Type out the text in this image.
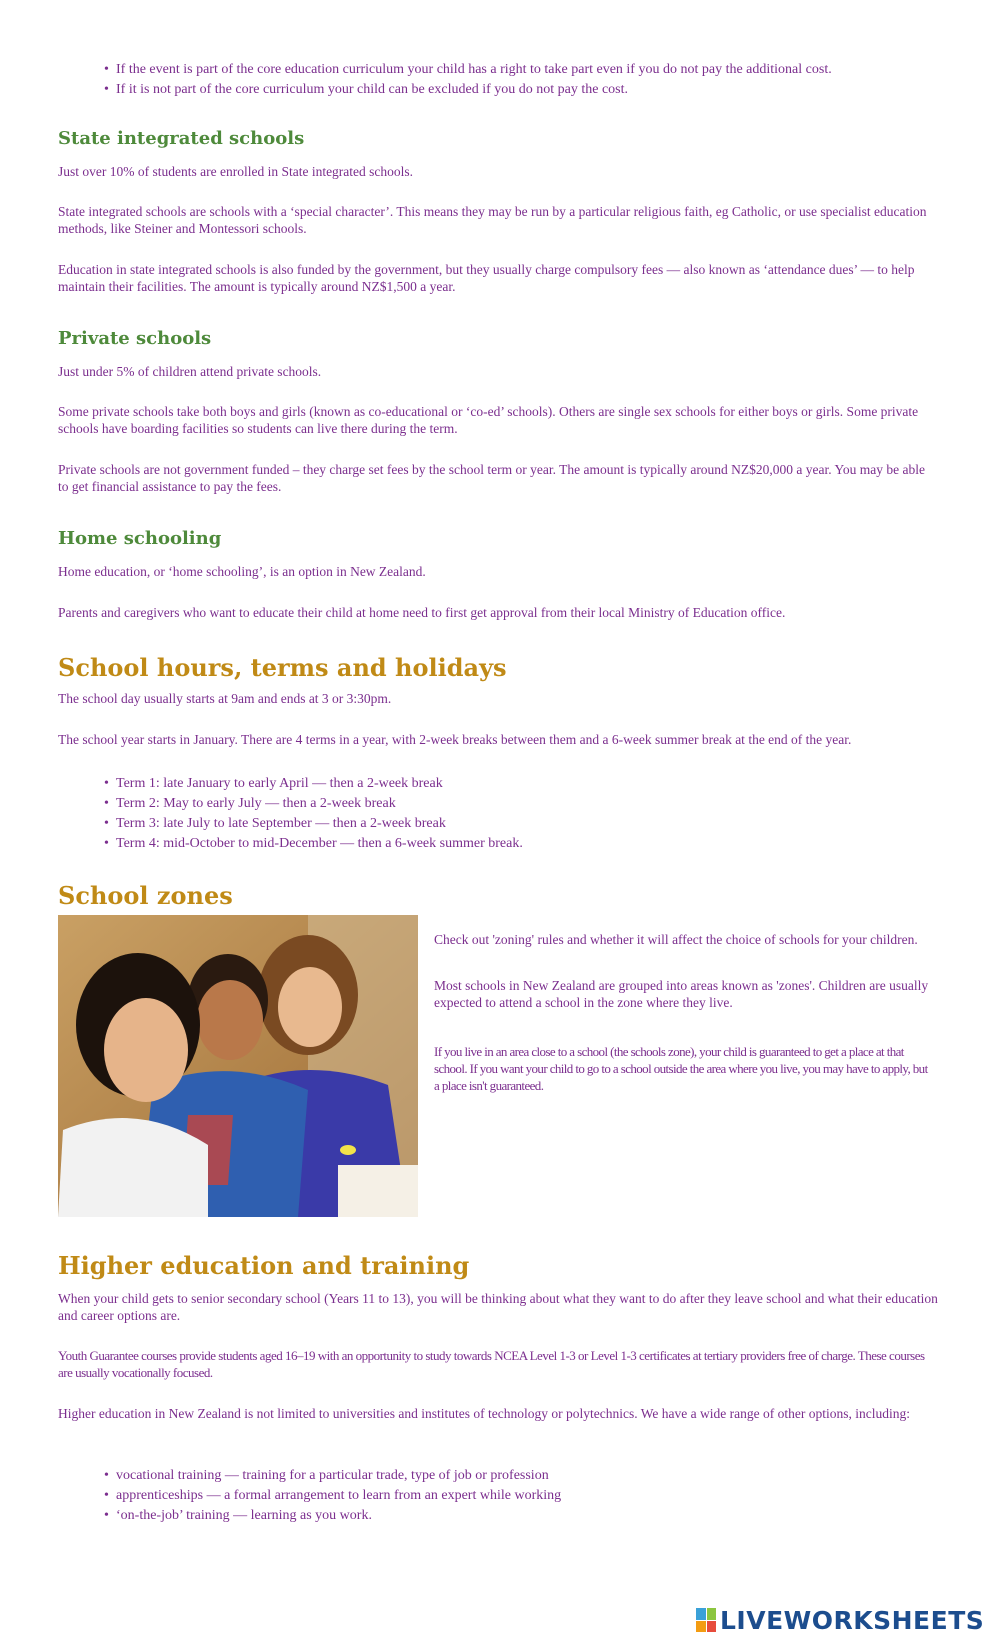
• If the event is part of the core education curriculum your child has a right to take part even if you do not pay the additional cost.
• If it is not part of the core curriculum your child can be excluded if you do not pay the cost.
State integrated schools

Just over 10% of students are enrolled in State integrated schools.

State integrated schools are schools with a ‘special character’. This means they may be run by a particular religious faith, eg Catholic, or use specialist education methods, like Steiner and Montessori schools.

Education in state integrated schools is also funded by the government, but they usually charge compulsory fees — also known as ‘attendance dues’ — to help maintain their facilities. The amount is typically around NZ$1,500 a year.

Private schools

Just under 5% of children attend private schools.

Some private schools take both boys and girls (known as co-educational or ‘co-ed’ schools). Others are single sex schools for either boys or girls. Some private schools have boarding facilities so students can live there during the term.

Private schools are not government funded – they charge set fees by the school term or year. The amount is typically around NZ$20,000 a year. You may be able to get financial assistance to pay the fees.

Home schooling

Home education, or ‘home schooling’, is an option in New Zealand.

Parents and caregivers who want to educate their child at home need to first get approval from their local Ministry of Education office.

School hours, terms and holidays

The school day usually starts at 9am and ends at 3 or 3:30pm.

The school year starts in January. There are 4 terms in a year, with 2-week breaks between them and a 6-week summer break at the end of the year.

• Term 1: late January to early April — then a 2-week break
• Term 2: May to early July — then a 2-week break
• Term 3: late July to late September — then a 2-week break
• Term 4: mid-October to mid-December — then a 6-week summer break.
School zones

Check out 'zoning' rules and whether it will affect the choice of schools for your children.

Most schools in New Zealand are grouped into areas known as 'zones'. Children are usually expected to attend a school in the zone where they live.

If you live in an area close to a school (the schools zone), your child is guaranteed to get a place at that school. If you want your child to go to a school outside the area where you live, you may have to apply, but a place isn't guaranteed.

Higher education and training

When your child gets to senior secondary school (Years 11 to 13), you will be thinking about what they want to do after they leave school and what their education and career options are.

Youth Guarantee courses provide students aged 16–19 with an opportunity to study towards NCEA Level 1-3 or Level 1-3 certificates at tertiary providers free of charge. These courses are usually vocationally focused.

Higher education in New Zealand is not limited to universities and institutes of technology or polytechnics. We have a wide range of other options, including:

• vocational training — training for a particular trade, type of job or profession
• apprenticeships — a formal arrangement to learn from an expert while working
• ‘on-the-job’ training — learning as you work.
LIVEWORKSHEETS
